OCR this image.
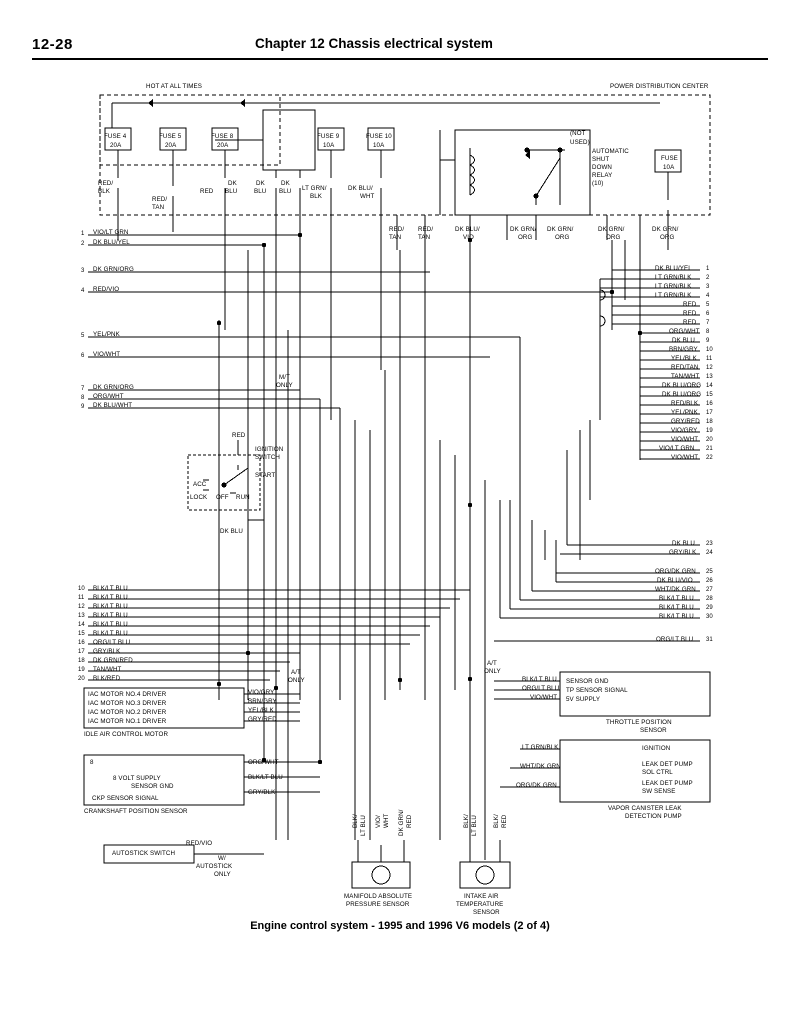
12-28	Chapter 12 Chassis electrical system
HOT AT ALL TIMES	POWER DISTRIBUTION CENTER
(NOT
USED)
FUSE 4
20A
FUSE 5
20A
FUSE 8
20A
FUSE 9
10A
FUSE 10
10A
FUSE
10A
AUTOMATIC
SHUT
DOWN
RELAY
(10)
RED/
BLK
RED/
TAN
RED
DK
BLU
DK
BLU
DK
BLU LT GRN/
BLK
DK BLU/
WHT
RED/
TAN
RED/
TAN
DK BLU/
VIO
DK GRN/
ORG
DK GRN/
ORG
DK GRN/
ORG
DK GRN/
ORG
1 VIO/LT GRN
2 DK BLU/YEL
3 DK GRN/ORG
4 RED/VIO
5 YEL/PNK
6 VIO/WHT
7 DK GRN/ORG
8 ORG/WHT
9 DK BLU/WHT
10 BLK/LT BLU
11 BLK/LT BLU
12 BLK/LT BLU
13 BLK/LT BLU
14 BLK/LT BLU
15 BLK/LT BLU
16 ORG/LT BLU
17 GRY/BLK
18 DK GRN/RED
19 TAN/WHT
20 BLK/RED
DK BLU/YEL 1
LT GRN/BLK 2
LT GRN/BLK 3
LT GRN/BLK 4
RED 5
RED 6
RED 7
ORG/WHT 8
DK BLU 9
BRN/GRY 10
YEL/BLK 11
RED/TAN 12
TAN/WHT 13
DK BLU/ORG 14
DK BLU/ORG 15
RED/BLK 16
YEL/PNK 17
GRY/RED 18
VIO/GRY 19
VIO/WHT 20
VIO/LT GRN 21
VIO/WHT 22
DK BLU 23
GRY/BLK 24
ORG/DK GRN 25
DK BLU/VIO 26
WHT/DK GRN 27
BLK/LT BLU 28
BLK/LT BLU 29
BLK/LT BLU 30
ORG/LT BLU 31
RED
IGNITION
SWITCH
ACC
LOCK OFF RUN
START
DK BLU
M/T
ONLY
A/T
ONLY
A/T
ONLY
W/
AUTOSTICK
ONLY
RED/VIO
IAC MOTOR NO.4 DRIVER	VIO/GRY
IAC MOTOR NO.3 DRIVER	BRN/GRY
IAC MOTOR NO.2 DRIVER	YEL/BLK
IAC MOTOR NO.1 DRIVER	GRY/RED
IDLE AIR CONTROL MOTOR
8
8 VOLT SUPPLY
ORG/WHT
SENSOR GND
BLK/LT BLU
CKP SENSOR SIGNAL
GRY/BLK
CRANKSHAFT POSITION SENSOR
AUTOSTICK SWITCH
BLK/LT BLU SENSOR GND
ORG/LT BLU TP SENSOR SIGNAL
VIO/WHT 5V SUPPLY
THROTTLE POSITION
SENSOR
LT GRN/BLK	IGNITION
WHT/DK GRN	LEAK DET PUMP
SOL CTRL
ORG/DK GRN	LEAK DET PUMP
SW SENSE
VAPOR CANISTER LEAK
DETECTION PUMP
BLK/ LT BLU VIO/ WHT DK GRN/ RED
MANIFOLD ABSOLUTE
PRESSURE SENSOR
BLK/ LT BLU BLK/ RED
INTAKE AIR
TEMPERATURE
SENSOR
Engine control system - 1995 and 1996 V6 models (2 of 4)
